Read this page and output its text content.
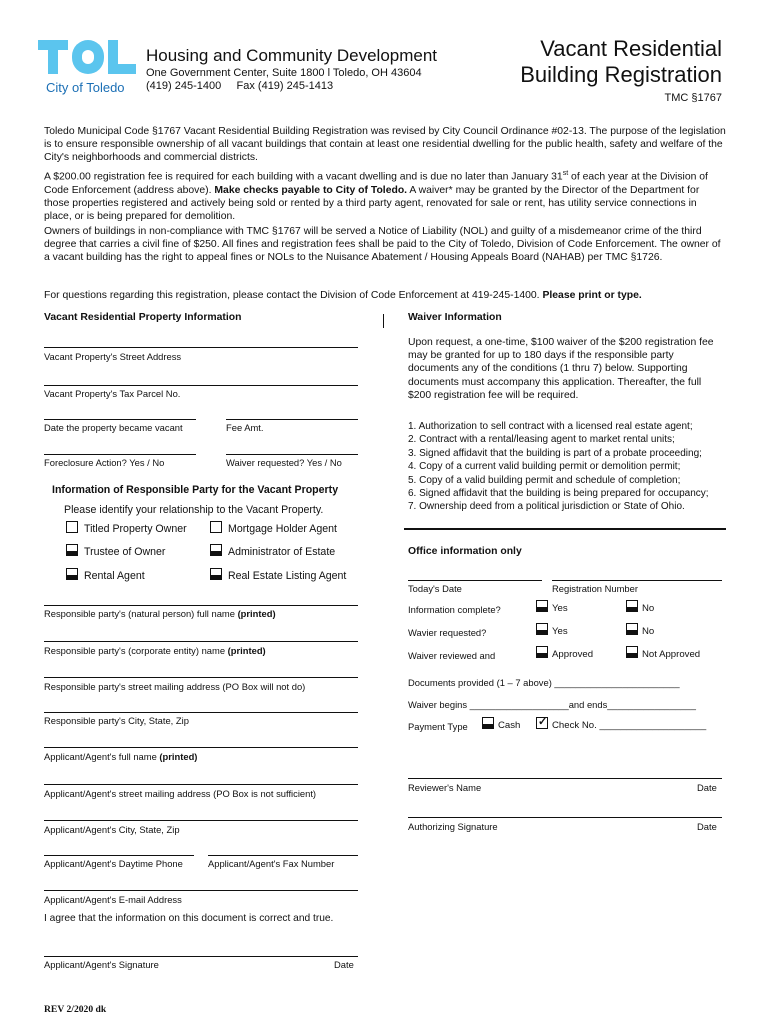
City of Toledo
Housing and Community Development
One Government Center, Suite 1800 l Toledo, OH 43604
(419) 245-1400 Fax (419) 245-1413
Vacant Residential
Building Registration
TMC §1767

Toledo Municipal Code §1767 Vacant Residential Building Registration was revised by City Council Ordinance #02-13. The purpose of the legislation is to ensure responsible ownership of all vacant buildings that contain at least one residential dwelling for the public health, safety and welfare of the City's neighborhoods and commercial districts.

A $200.00 registration fee is required for each building with a vacant dwelling and is due no later than January 31st of each year at the Division of Code Enforcement (address above). Make checks payable to City of Toledo. A waiver* may be granted by the Director of the Department for those properties registered and actively being sold or rented by a third party agent, renovated for sale or rent, has utility service connections in place, or is being prepared for demolition.

Owners of buildings in non-compliance with TMC §1767 will be served a Notice of Liability (NOL) and guilty of a misdemeanor crime of the third degree that carries a civil fine of $250. All fines and registration fees shall be paid to the City of Toledo, Division of Code Enforcement. The owner of a vacant building has the right to appeal fines or NOLs to the Nuisance Abatement / Housing Appeals Board (NAHAB) per TMC §1726.

For questions regarding this registration, please contact the Division of Code Enforcement at 419-245-1400. Please print or type.

Vacant Residential Property Information	Waiver Information
Vacant Property's Street Address
Vacant Property's Tax Parcel No.
Date the property became vacant	Fee Amt.
Foreclosure Action? Yes / No	Waiver requested? Yes / No
Information of Responsible Party for the Vacant Property
Please identify your relationship to the Vacant Property.
Titled Property Owner	Mortgage Holder Agent
Trustee of Owner	Administrator of Estate
Rental Agent	Real Estate Listing Agent
Responsible party's (natural person) full name (printed)
Responsible party's (corporate entity) name (printed)
Responsible party's street mailing address (PO Box will not do)
Responsible party's City, State, Zip
Applicant/Agent's full name (printed)
Applicant/Agent's street mailing address (PO Box is not sufficient)
Applicant/Agent's City, State, Zip
Applicant/Agent's Daytime Phone	Applicant/Agent's Fax Number
Applicant/Agent's E-mail Address
I agree that the information on this document is correct and true.
Applicant/Agent's Signature	Date
REV 2/2020 dk

Upon request, a one-time, $100 waiver of the $200 registration fee may be granted for up to 180 days if the responsible party documents any of the conditions (1 thru 7) below. Supporting documents must accompany this application. Thereafter, the full $200 registration fee will be required.

1. Authorization to sell contract with a licensed real estate agent;
2. Contract with a rental/leasing agent to market rental units;
3. Signed affidavit that the building is part of a probate proceeding;
4. Copy of a current valid building permit or demolition permit;
5. Copy of a valid building permit and schedule of completion;
6. Signed affidavit that the building is being prepared for occupancy;
7. Ownership deed from a political jurisdiction or State of Ohio.
Office information only
Today's Date	Registration Number
Information complete?	Yes	No
Wavier requested?	Yes	No
Waiver reviewed and	Approved	Not Approved
Documents provided (1 – 7 above) ________________________
Waiver begins ___________________and ends_________________
Payment Type	Cash ✓	Check No. ____________________
Reviewer's Name	Date
Authorizing Signature	Date
